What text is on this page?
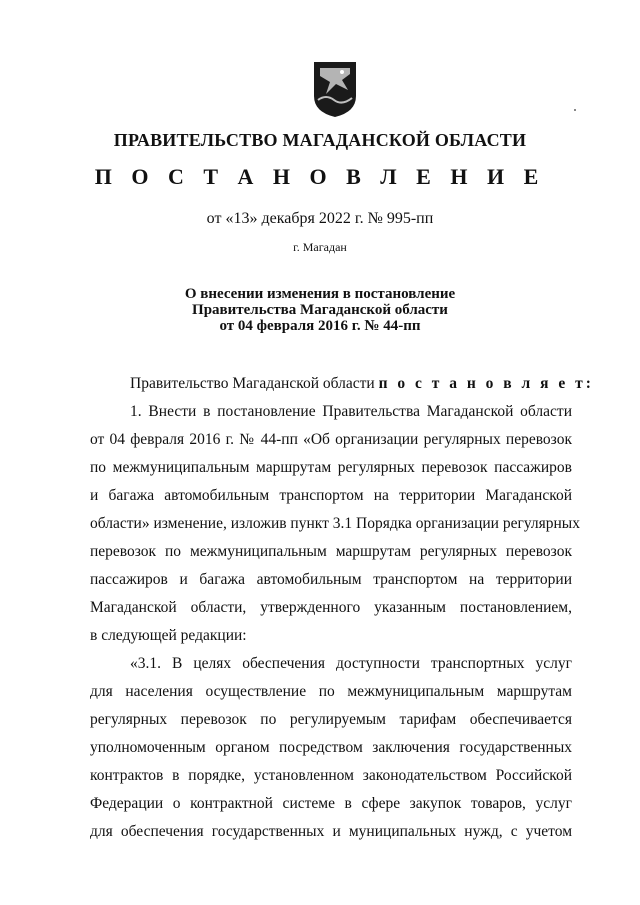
ПРАВИТЕЛЬСТВО МАГАДАНСКОЙ ОБЛАСТИ
П О С Т А Н О В Л Е Н И Е
от «13» декабря 2022 г. № 995-пп
г. Магадан
О внесении изменения в постановление
Правительства Магаданской области
от 04 февраля 2016 г. № 44-пп
Правительство Магаданской области п о с т а н о в л я е т:
1. Внести в постановление Правительства Магаданской области
от 04 февраля 2016 г. № 44-пп «Об организации регулярных перевозок
по межмуниципальным маршрутам регулярных перевозок пассажиров
и багажа автомобильным транспортом на территории Магаданской
области» изменение, изложив пункт 3.1 Порядка организации регулярных
перевозок по межмуниципальным маршрутам регулярных перевозок
пассажиров и багажа автомобильным транспортом на территории
Магаданской области, утвержденного указанным постановлением,
в следующей редакции:
«3.1. В целях обеспечения доступности транспортных услуг
для населения осуществление по межмуниципальным маршрутам
регулярных перевозок по регулируемым тарифам обеспечивается
уполномоченным органом посредством заключения государственных
контрактов в порядке, установленном законодательством Российской
Федерации о контрактной системе в сфере закупок товаров, услуг
для обеспечения государственных и муниципальных нужд, с учетом
